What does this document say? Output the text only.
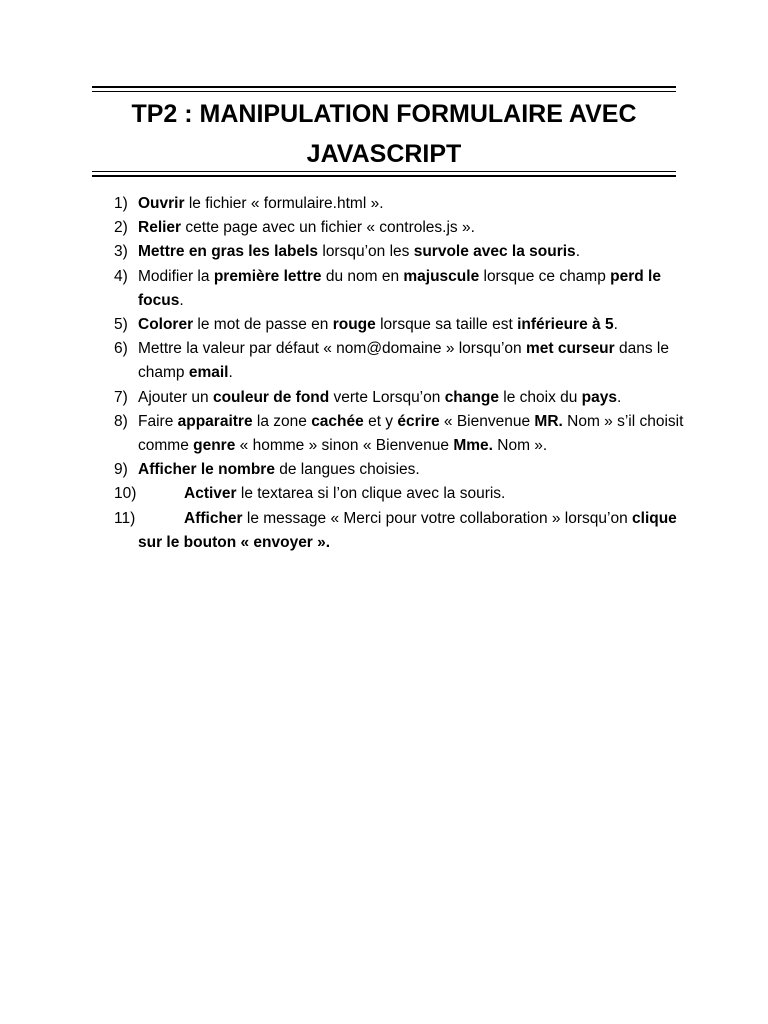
TP2 : MANIPULATION FORMULAIRE AVEC
JAVASCRIPT
1) Ouvrir le fichier « formulaire.html ».
2) Relier cette page avec un fichier « controles.js ».
3) Mettre en gras les labels lorsqu’on les survole avec la souris.
4) Modifier la première lettre du nom en majuscule lorsque ce champ perd le focus.
5) Colorer le mot de passe en rouge lorsque sa taille est inférieure à 5.
6) Mettre la valeur par défaut « nom@domaine » lorsqu’on met curseur dans le champ email.
7) Ajouter un couleur de fond verte Lorsqu’on change le choix du pays.
8) Faire apparaitre la zone cachée et y écrire « Bienvenue MR. Nom » s’il choisit comme genre « homme » sinon « Bienvenue Mme. Nom ».
9) Afficher le nombre de langues choisies.
10)	Activer le textarea si l’on clique avec la souris.
11)	Afficher le message « Merci pour votre collaboration » lorsqu’on clique sur le bouton « envoyer ».
